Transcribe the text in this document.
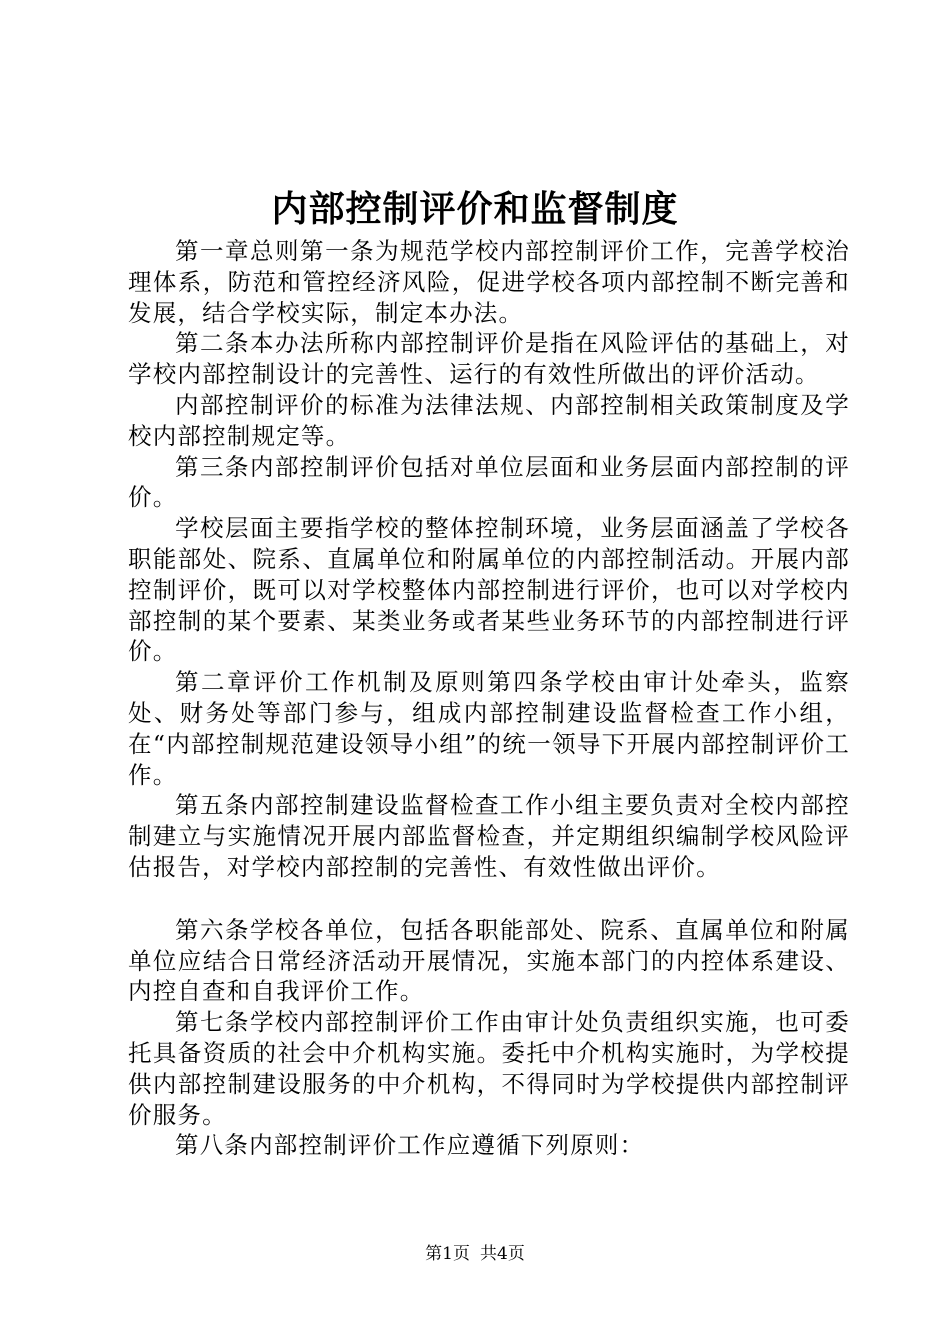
内部控制评价和监督制度

第一章总则第一条为规范学校内部控制评价工作，完善学校治理体系，防范和管控经济风险，促进学校各项内部控制不断完善和发展，结合学校实际，制定本办法。

第二条本办法所称内部控制评价是指在风险评估的基础上，对学校内部控制设计的完善性、运行的有效性所做出的评价活动。

内部控制评价的标准为法律法规、内部控制相关政策制度及学校内部控制规定等。

第三条内部控制评价包括对单位层面和业务层面内部控制的评价。

学校层面主要指学校的整体控制环境，业务层面涵盖了学校各职能部处、院系、直属单位和附属单位的内部控制活动。开展内部控制评价，既可以对学校整体内部控制进行评价，也可以对学校内部控制的某个要素、某类业务或者某些业务环节的内部控制进行评价。

第二章评价工作机制及原则第四条学校由审计处牵头，监察处、财务处等部门参与，组成内部控制建设监督检查工作小组，在“内部控制规范建设领导小组”的统一领导下开展内部控制评价工作。

第五条内部控制建设监督检查工作小组主要负责对全校内部控制建立与实施情况开展内部监督检查，并定期组织编制学校风险评估报告，对学校内部控制的完善性、有效性做出评价。

第六条学校各单位，包括各职能部处、院系、直属单位和附属单位应结合日常经济活动开展情况，实施本部门的内控体系建设、内控自查和自我评价工作。

第七条学校内部控制评价工作由审计处负责组织实施，也可委托具备资质的社会中介机构实施。委托中介机构实施时，为学校提供内部控制建设服务的中介机构，不得同时为学校提供内部控制评价服务。

第八条内部控制评价工作应遵循下列原则：

第1页 共4页
